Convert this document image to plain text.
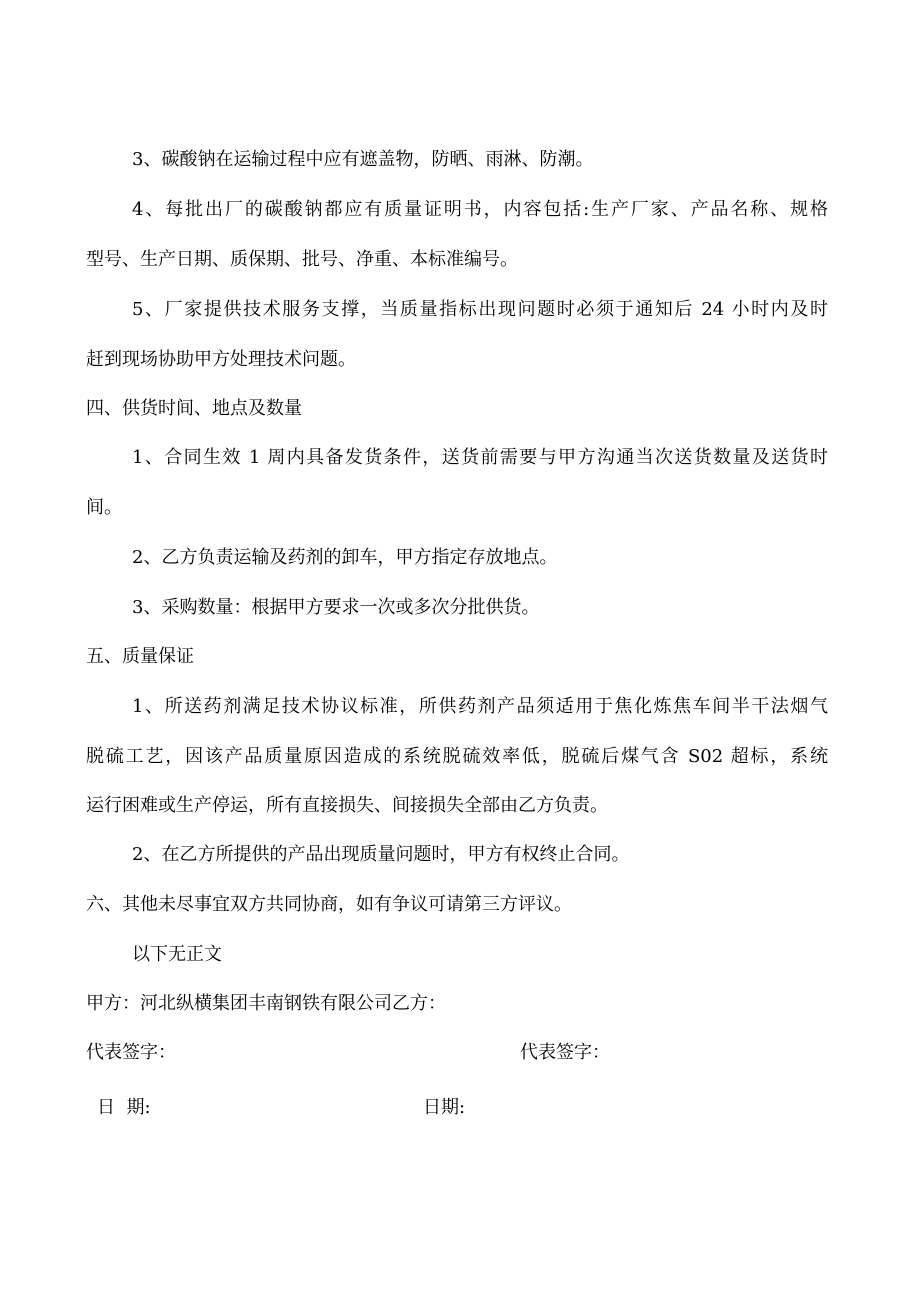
3、碳酸钠在运输过程中应有遮盖物，防晒、雨淋、防潮。
4、每批出厂的碳酸钠都应有质量证明书，内容包括:生产厂家、产品名称、规格
型号、生产日期、质保期、批号、净重、本标准编号。
5、厂家提供技术服务支撑，当质量指标出现问题时必须于通知后 24 小时内及时
赶到现场协助甲方处理技术问题。
四、供货时间、地点及数量
1、合同生效 1 周内具备发货条件，送货前需要与甲方沟通当次送货数量及送货时
间。
2、乙方负责运输及药剂的卸车，甲方指定存放地点。
3、采购数量：根据甲方要求一次或多次分批供货。
五、质量保证
1、所送药剂满足技术协议标准，所供药剂产品须适用于焦化炼焦车间半干法烟气
脱硫工艺，因该产品质量原因造成的系统脱硫效率低，脱硫后煤气含 S02 超标，系统
运行困难或生产停运，所有直接损失、间接损失全部由乙方负责。
2、在乙方所提供的产品出现质量问题时，甲方有权终止合同。
六、其他未尽事宜双方共同协商，如有争议可请第三方评议。
以下无正文
甲方：河北纵横集团丰南钢铁有限公司乙方：
代表签字：	代表签字：
日  期:	日期:
